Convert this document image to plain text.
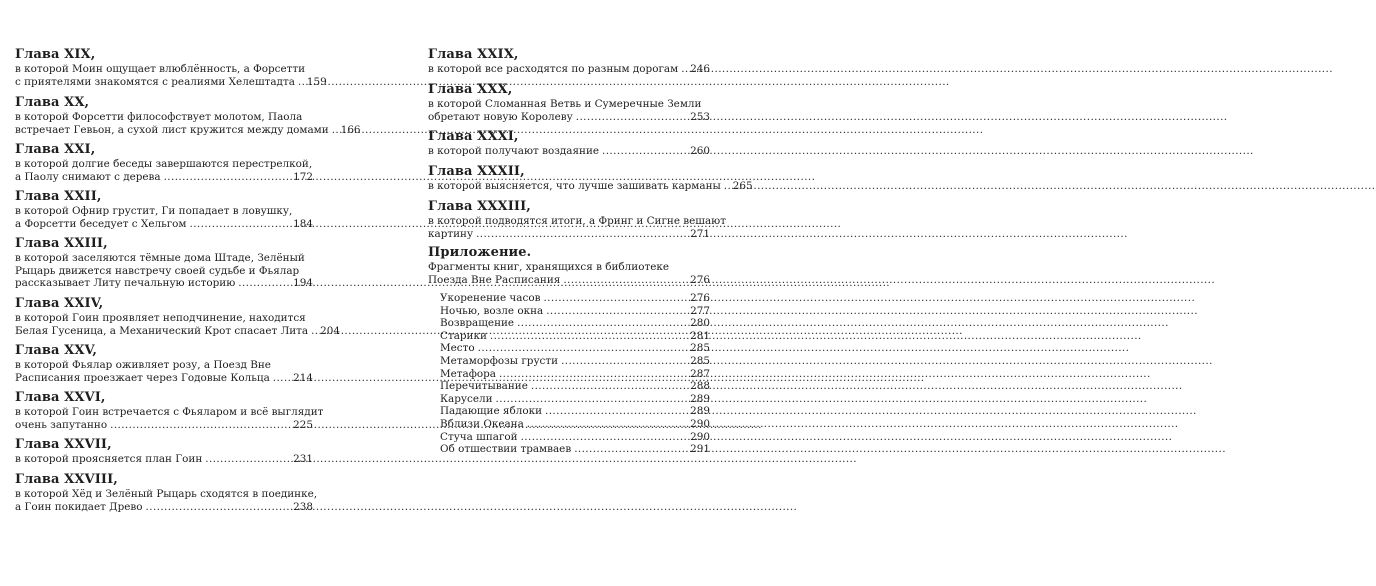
Глава XIX,
в которой Моин ощущает влюблённость, а Форсетти
с приятелями знакомятся с реалиями Хелештадта ..... 159
Глава XX,
в которой Форсетти философствует молотом, Паола
встречает Гевьон, а сухой лист кружится между домами ..... 166
Глава XXI,
в которой долгие беседы завершаются перестрелкой,
а Паолу снимают с дерева .....	172
Глава XXII,
в которой Офнир грустит, Ги попадает в ловушку,
а Форсетти беседует с Хельгом .....	184
Глава XXIII,
в которой заселяются тёмные дома Штаде, Зелёный
Рыцарь движется навстречу своей судьбе и Фьялар
рассказывает Литу печальную историю .....	194
Глава XXIV,
в которой Гоин проявляет неподчинение, находится
Белая Гусеница, а Механический Крот спасает Лита ..... 204
Глава XXV,
в которой Фьялар оживляет розу, а Поезд Вне
Расписания проезжает через Годовые Кольца ..... 214
Глава XXVI,
в которой Гоин встречается с Фьяларом и всё выглядит
очень запутанно .....	225
Глава XXVII,
в которой проясняется план Гоин .....	231
Глава XXVIII,
в которой Хёд и Зелёный Рыцарь сходятся в поединке,
а Гоин покидает Древо .....	238
Глава XXIX,
в которой все расходятся по разным дорогам ..... 246
Глава XXX,
в которой Сломанная Ветвь и Сумеречные Земли
обретают новую Королеву .....	253
Глава XXXI,
в которой получают воздаяние .....	260
Глава XXXII,
в которой выясняется, что лучше зашивать карманы ..... 265
Глава XXXIII,
в которой подводятся итоги, а Фринг и Сигне вешают
картину .....	271
Приложение.
Фрагменты книг, хранящихся в библиотеке
Поезда Вне Расписания .....	276
Укоренение часов .....	276
Ночью, возле окна .....	277
Возвращение .....	280
Старики .....	281
Место .....	285
Метаморфозы грусти .....	285
Метафора .....	287
Перечитывание .....	288
Карусели .....	289
Падающие яблоки .....	289
Вблизи Океана .....	290
Стуча шпагой .....	290
Об отшествии трамваев .....	291
